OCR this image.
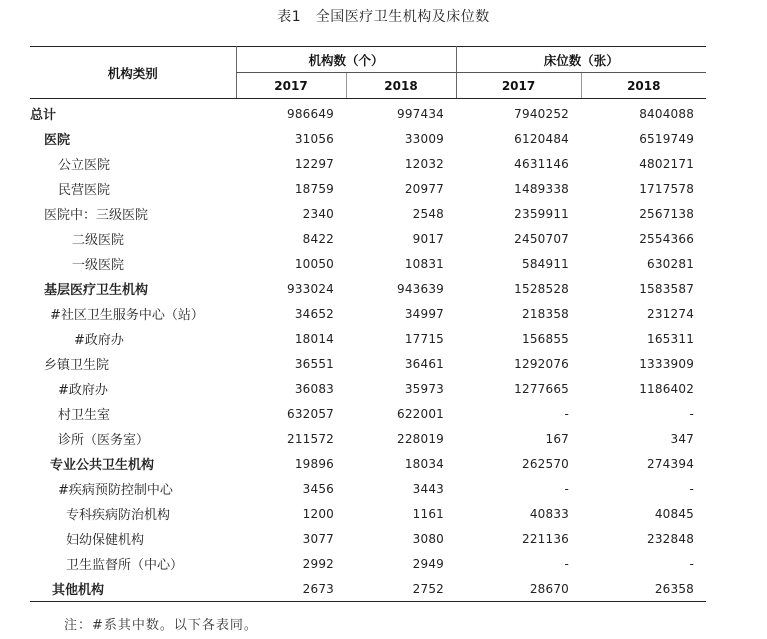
表1　全国医疗卫生机构及床位数
机构类别	机构数（个）		床位数（张）	
	2017	2018	2017	2018
总计	986649	997434	7940252	8404088
医院	31056	33009	6120484	6519749
公立医院	12297	12032	4631146	4802171
民营医院	18759	20977	1489338	1717578
医院中：三级医院	2340	2548	2359911	2567138
二级医院	8422	9017	2450707	2554366
一级医院	10050	10831	584911	630281
基层医疗卫生机构	933024	943639	1528528	1583587
#社区卫生服务中心（站）	34652	34997	218358	231274
#政府办	18014	17715	156855	165311
乡镇卫生院	36551	36461	1292076	1333909
#政府办	36083	35973	1277665	1186402
村卫生室	632057	622001	-	-
诊所（医务室）	211572	228019	167	347
专业公共卫生机构	19896	18034	262570	274394
#疾病预防控制中心	3456	3443	-	-
专科疾病防治机构	1200	1161	40833	40845
妇幼保健机构	3077	3080	221136	232848
卫生监督所（中心）	2992	2949	-	-
其他机构	2673	2752	28670	26358
注：#系其中数。以下各表同。
